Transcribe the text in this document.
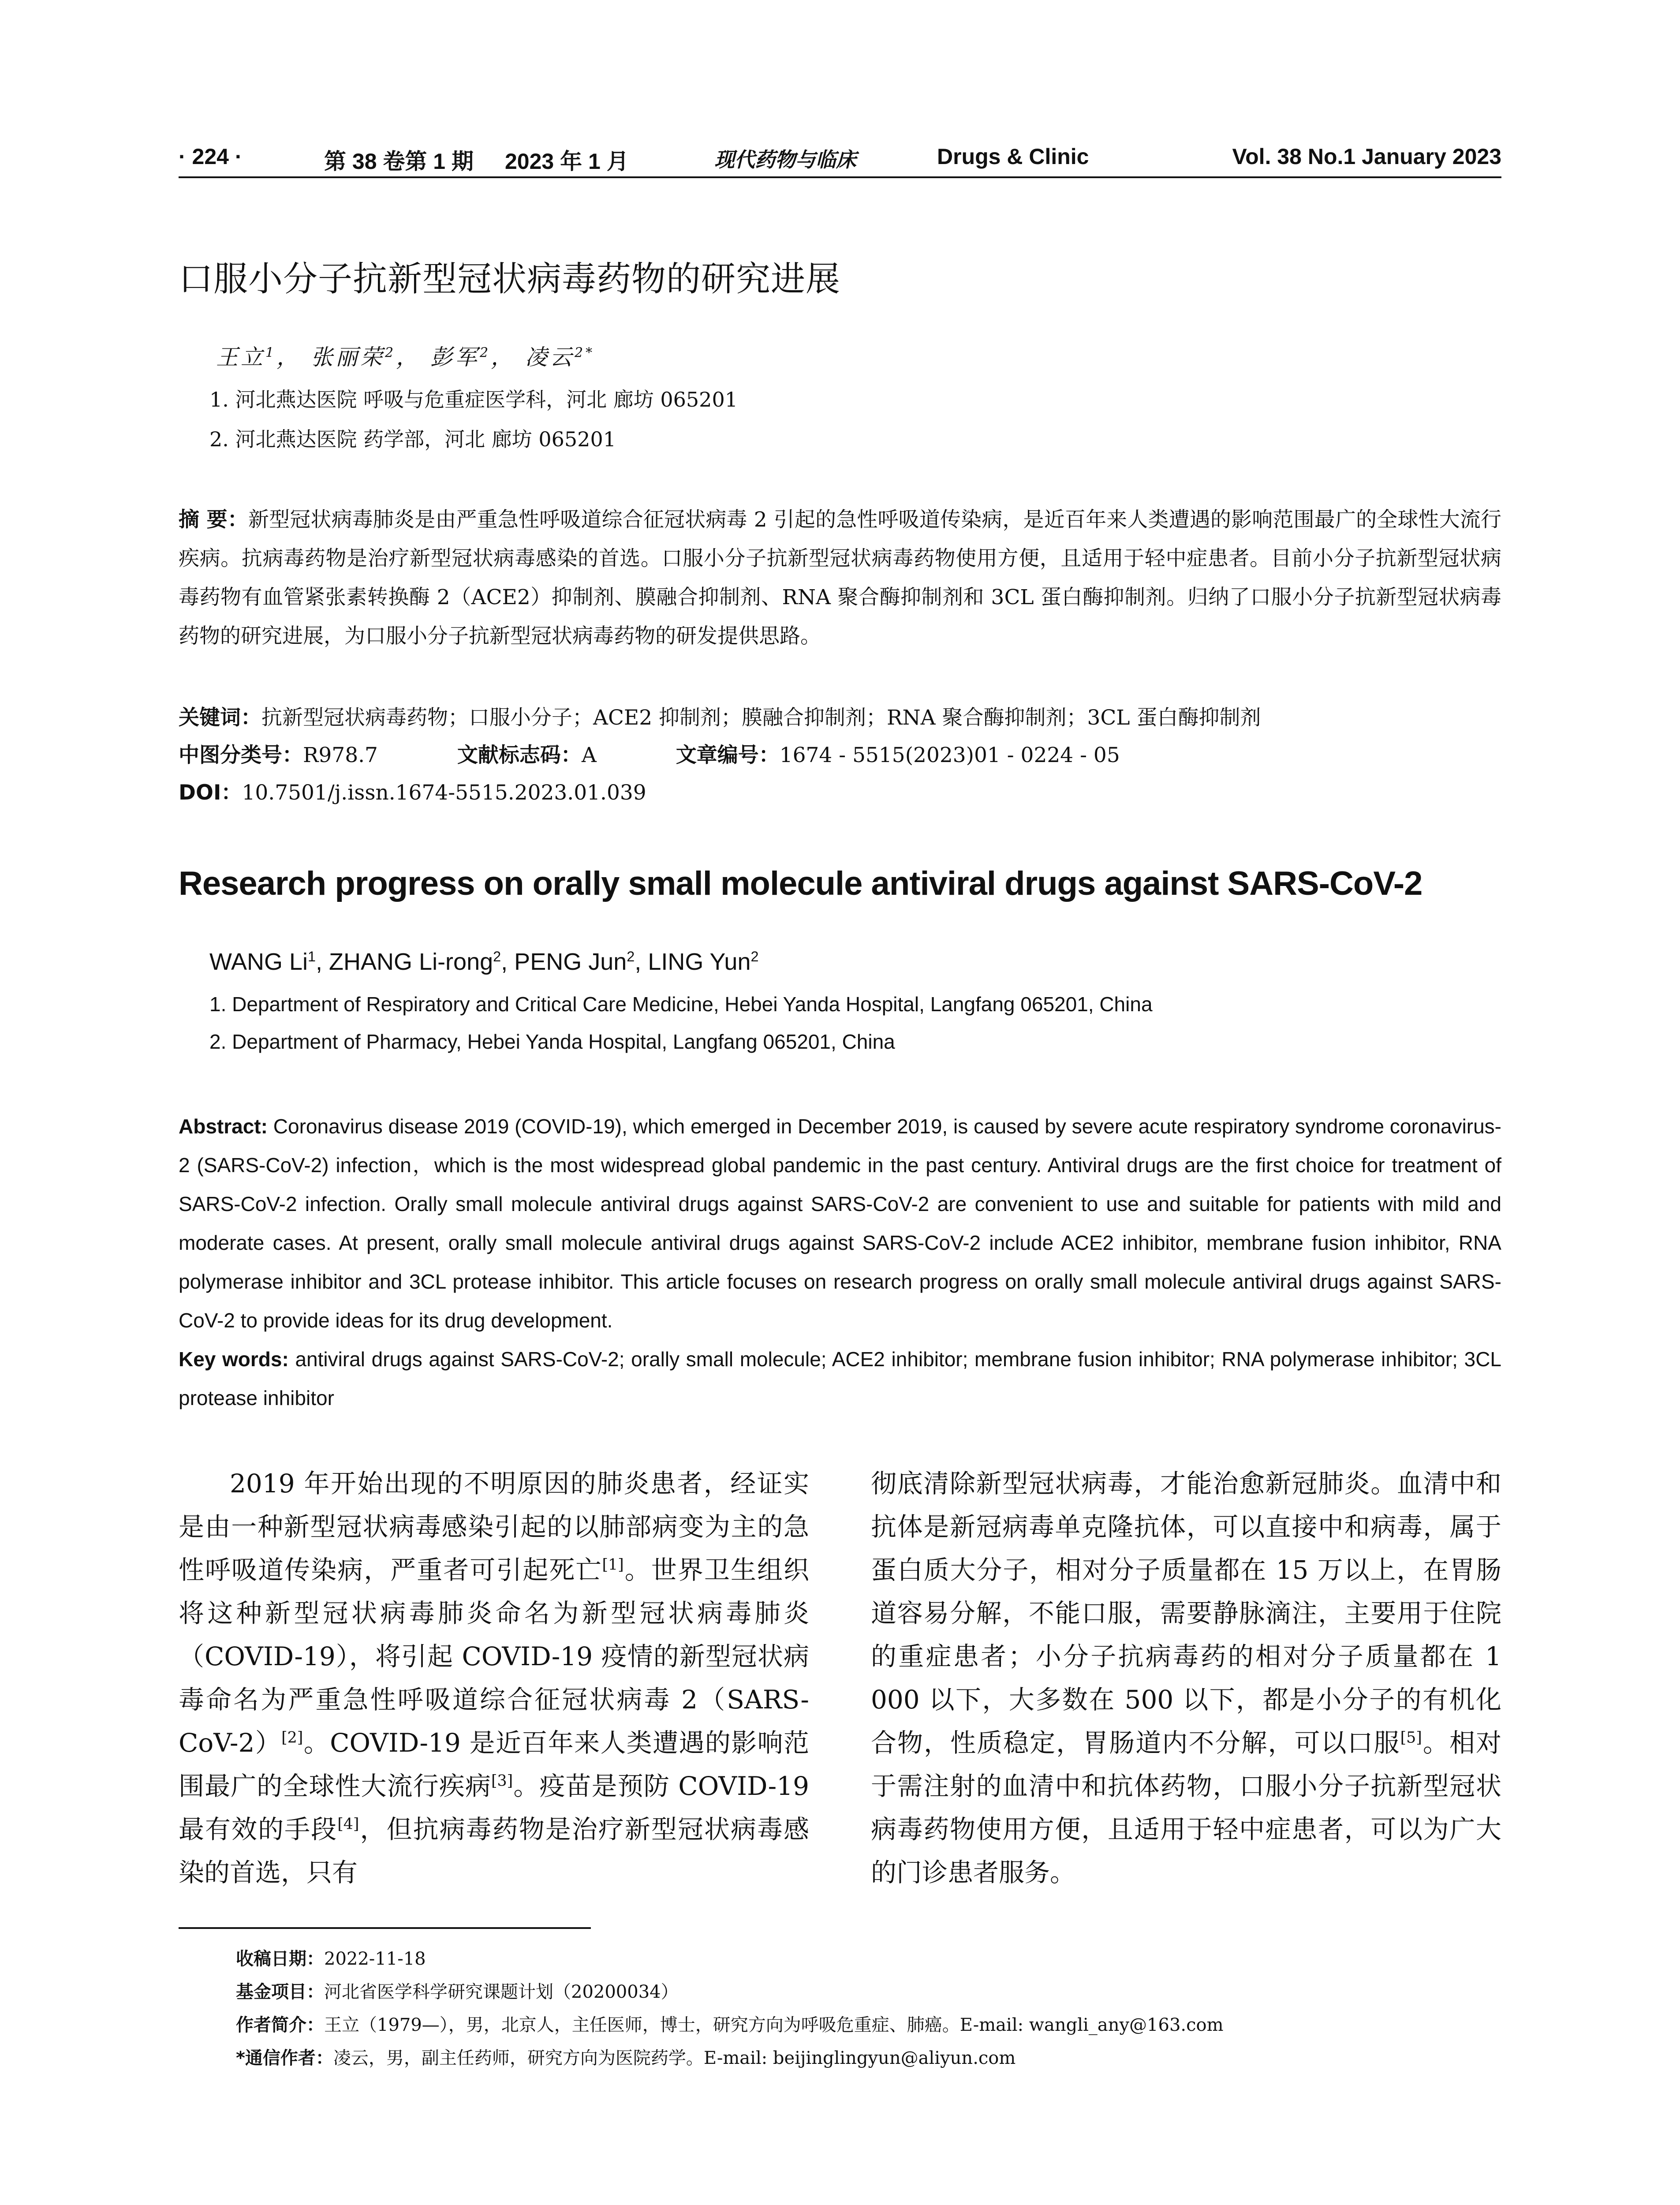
· 224 ·	第 38 卷第 1 期 2023 年 1 月	现代药物与临床	Drugs & Clinic	Vol. 38 No.1 January 2023
口服小分子抗新型冠状病毒药物的研究进展
王立$^1$， 张丽荣$^2$， 彭军$^2$， 凌云$^{2*}$
1. 河北燕达医院 呼吸与危重症医学科，河北 廊坊 065201
2. 河北燕达医院 药学部，河北 廊坊 065201
摘 要：新型冠状病毒肺炎是由严重急性呼吸道综合征冠状病毒 2 引起的急性呼吸道传染病，是近百年来人类遭遇的影响范围最广的全球性大流行疾病。抗病毒药物是治疗新型冠状病毒感染的首选。口服小分子抗新型冠状病毒药物使用方便，且适用于轻中症患者。目前小分子抗新型冠状病毒药物有血管紧张素转换酶 2（ACE2）抑制剂、膜融合抑制剂、RNA 聚合酶抑制剂和 3CL 蛋白酶抑制剂。归纳了口服小分子抗新型冠状病毒药物的研究进展，为口服小分子抗新型冠状病毒药物的研发提供思路。
关键词：抗新型冠状病毒药物；口服小分子；ACE2 抑制剂；膜融合抑制剂；RNA 聚合酶抑制剂；3CL 蛋白酶抑制剂
中图分类号：R978.7	文献标志码：A	文章编号：1674 - 5515(2023)01 - 0224 - 05
DOI：10.7501/j.issn.1674-5515.2023.01.039
Research progress on orally small molecule antiviral drugs against SARS-CoV-2
WANG Li$^1$, ZHANG Li-rong$^2$, PENG Jun$^2$, LING Yun$^2$
1. Department of Respiratory and Critical Care Medicine, Hebei Yanda Hospital, Langfang 065201, China
2. Department of Pharmacy, Hebei Yanda Hospital, Langfang 065201, China
Abstract: Coronavirus disease 2019 (COVID-19), which emerged in December 2019, is caused by severe acute respiratory syndrome coronavirus-2 (SARS-CoV-2) infection，which is the most widespread global pandemic in the past century. Antiviral drugs are the first choice for treatment of SARS-CoV-2 infection. Orally small molecule antiviral drugs against SARS-CoV-2 are convenient to use and suitable for patients with mild and moderate cases. At present, orally small molecule antiviral drugs against SARS-CoV-2 include ACE2 inhibitor, membrane fusion inhibitor, RNA polymerase inhibitor and 3CL protease inhibitor. This article focuses on research progress on orally small molecule antiviral drugs against SARS-CoV-2 to provide ideas for its drug development.
Key words: antiviral drugs against SARS-CoV-2; orally small molecule; ACE2 inhibitor; membrane fusion inhibitor; RNA polymerase inhibitor; 3CL protease inhibitor

2019 年开始出现的不明原因的肺炎患者，经证实是由一种新型冠状病毒感染引起的以肺部病变为主的急性呼吸道传染病，严重者可引起死亡[1]。世界卫生组织将这种新型冠状病毒肺炎命名为新型冠状病毒肺炎（COVID-19），将引起 COVID-19 疫情的新型冠状病毒命名为严重急性呼吸道综合征冠状病毒 2（SARS-CoV-2）[2]。COVID-19 是近百年来人类遭遇的影响范围最广的全球性大流行疾病[3]。疫苗是预防 COVID-19 最有效的手段[4]，但抗病毒药物是治疗新型冠状病毒感染的首选，只有

彻底清除新型冠状病毒，才能治愈新冠肺炎。血清中和抗体是新冠病毒单克隆抗体，可以直接中和病毒，属于蛋白质大分子，相对分子质量都在 15 万以上，在胃肠道容易分解，不能口服，需要静脉滴注，主要用于住院的重症患者；小分子抗病毒药的相对分子质量都在 1 000 以下，大多数在 500 以下，都是小分子的有机化合物，性质稳定，胃肠道内不分解，可以口服[5]。相对于需注射的血清中和抗体药物，口服小分子抗新型冠状病毒药物使用方便，且适用于轻中症患者，可以为广大的门诊患者服务。

收稿日期：2022-11-18
基金项目：河北省医学科学研究课题计划（20200034）
作者简介：王立（1979—），男，北京人，主任医师，博士，研究方向为呼吸危重症、肺癌。E-mail: wangli_any@163.com
*通信作者：凌云，男，副主任药师，研究方向为医院药学。E-mail: beijinglingyun@aliyun.com
